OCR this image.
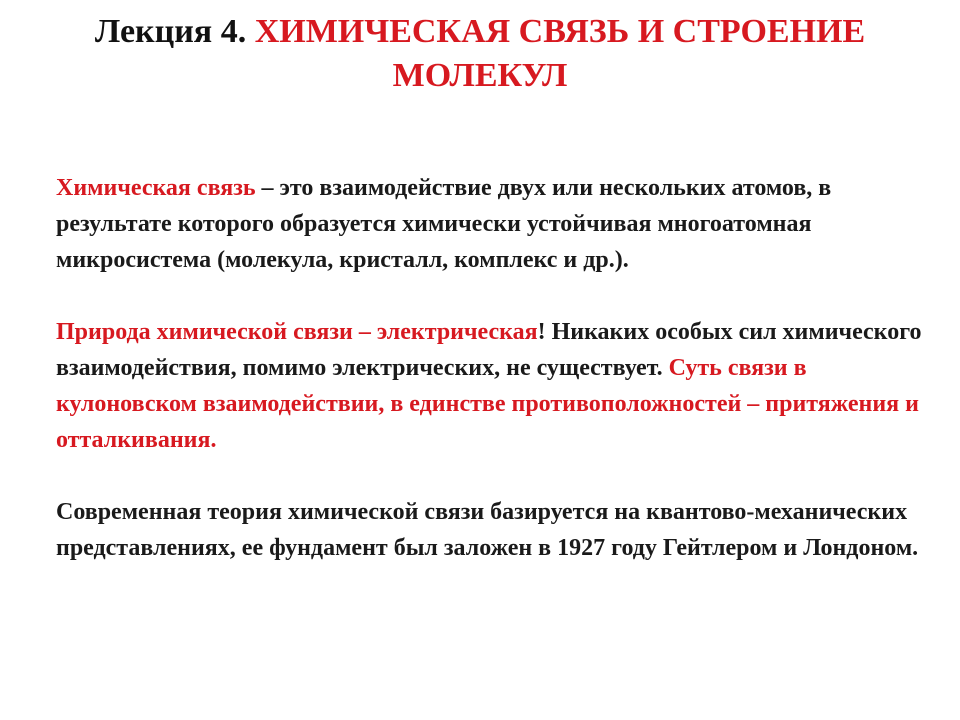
Лекция 4. ХИМИЧЕСКАЯ СВЯЗЬ И СТРОЕНИЕ МОЛЕКУЛ

Химическая связь – это взаимодействие двух или нескольких атомов, в результате которого образуется химически устойчивая многоатомная микросистема (молекула, кристалл, комплекс и др.).

Природа химической связи – электрическая! Никаких особых сил химического взаимодействия, помимо электрических, не существует. Суть связи в кулоновском взаимодействии, в единстве противоположностей – притяжения и отталкивания.

Современная теория химической связи базируется на квантово-механических представлениях, ее фундамент был заложен в 1927 году Гейтлером и Лондоном.
